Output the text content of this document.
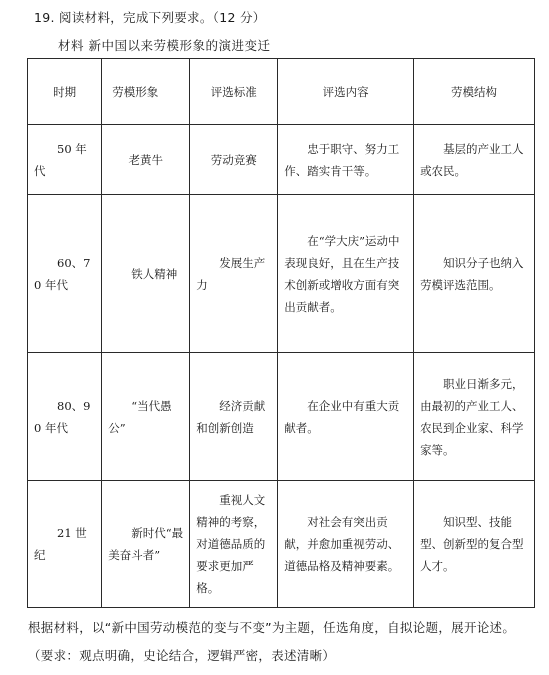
19. 阅读材料，完成下列要求。（12 分）
材料 新中国以来劳模形象的演进变迁
时期	劳模形象	评选标准	评选内容	劳模结构
50 年代	老黄牛	劳动竞赛	忠于职守、努力工作、踏实肯干等。	基层的产业工人或农民。
60、70 年代	铁人精神	发展生产力	在“学大庆”运动中表现良好，且在生产技术创新或增收方面有突出贡献者。	知识分子也纳入劳模评选范围。
80、90 年代	“当代愚公”	经济贡献和创新创造	在企业中有重大贡献者。	职业日渐多元，由最初的产业工人、农民到企业家、科学家等。
21 世纪	新时代“最美奋斗者”	重视人文精神的考察，对道德品质的要求更加严格。	对社会有突出贡献，并愈加重视劳动、道德品格及精神要素。	知识型、技能型、创新型的复合型人才。
根据材料，以“新中国劳动模范的变与不变”为主题，任选角度，自拟论题，展开论述。
（要求：观点明确，史论结合，逻辑严密，表述清晰）
